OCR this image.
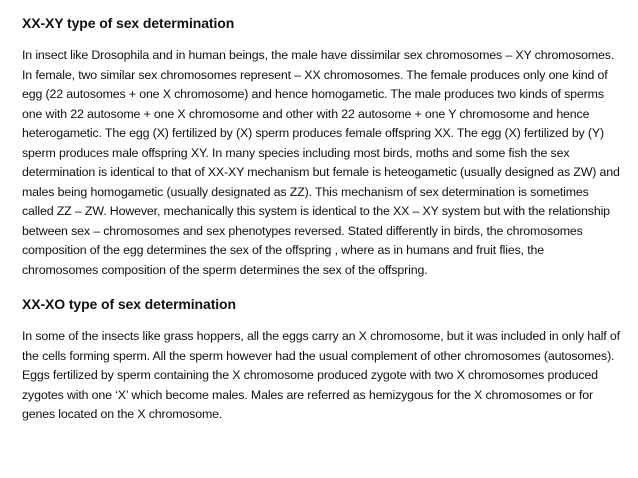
XX-XY type of sex determination

In insect like Drosophila and in human beings, the male have dissimilar sex chromosomes – XY chromosomes. In female, two similar sex chromosomes represent – XX chromosomes. The female produces only one kind of egg (22 autosomes + one X chromosome) and hence homogametic. The male produces two kinds of sperms one with 22 autosome + one X chromosome and other with 22 autosome + one Y chromosome and hence heterogametic. The egg (X) fertilized by (X) sperm produces female offspring XX. The egg (X) fertilized by (Y) sperm produces male offspring XY. In many species including most birds, moths and some fish the sex determination is identical to that of XX-XY mechanism but female is heteogametic (usually designed as ZW) and males being homogametic (usually designated as ZZ). This mechanism of sex determination is sometimes called ZZ – ZW. However, mechanically this system is identical to the XX – XY system but with the relationship between sex – chromosomes and sex phenotypes reversed. Stated differently in birds, the chromosomes composition of the egg determines the sex of the offspring , where as in humans and fruit flies, the chromosomes composition of the sperm determines the sex of the offspring.

XX-XO type of sex determination

In some of the insects like grass hoppers, all the eggs carry an X chromosome, but it was included in only half of the cells forming sperm. All the sperm however had the usual complement of other chromosomes (autosomes). Eggs fertilized by sperm containing the X chromosome produced zygote with two X chromosomes produced zygotes with one ‘X’ which become males. Males are referred as hemizygous for the X chromosomes or for genes located on the X chromosome.
